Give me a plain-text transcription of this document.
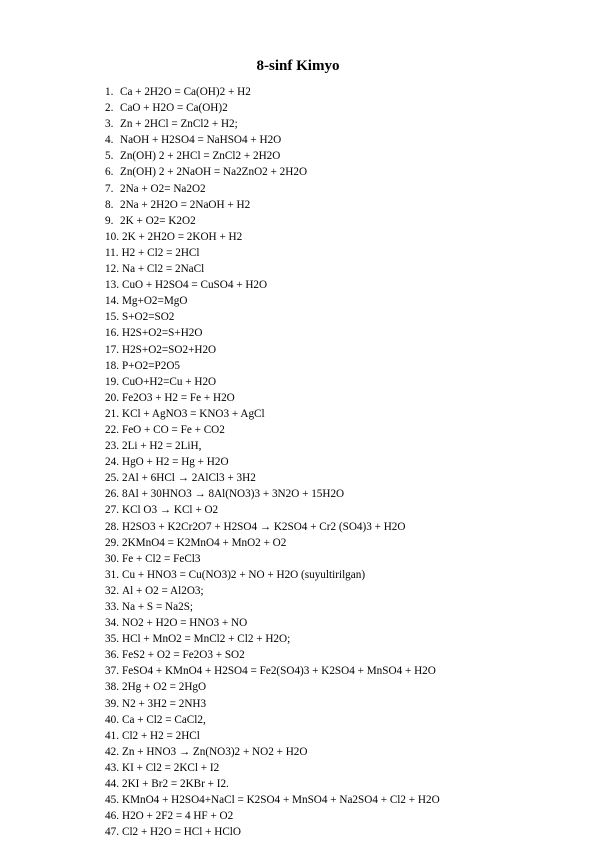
8-sinf Kimyo
1. Ca + 2H2O = Ca(OH)2 + H2
2. CaO + H2O = Ca(OH)2
3. Zn + 2HCl = ZnCl2 + H2;
4. NaOH + H2SO4 = NaHSO4 + H2O
5. Zn(OH) 2 + 2HCl = ZnCl2 + 2H2O
6. Zn(OH) 2 + 2NaOH = Na2ZnO2 + 2H2O
7. 2Na + O2= Na2O2
8. 2Na + 2H2O = 2NaOH + H2
9. 2K + O2= K2O2
10. 2K + 2H2O = 2KOH + H2
11. H2 + Cl2 = 2HCl
12. Na + Cl2 = 2NaCl
13. CuO + H2SO4 = CuSO4 + H2O
14. Mg+O2=MgO
15. S+O2=SO2
16. H2S+O2=S+H2O
17. H2S+O2=SO2+H2O
18. P+O2=P2O5
19. CuO+H2=Cu + H2O
20. Fe2O3 + H2 = Fe + H2O
21. KCl + AgNO3 = KNO3 + AgCl
22. FeO + CO = Fe + CO2
23. 2Li + H2 = 2LiH,
24. HgO + H2 = Hg + H2O
25. 2Al + 6HCl → 2AlCl3 + 3H2
26. 8Al + 30HNO3 → 8Al(NO3)3 + 3N2O + 15H2O
27. KCl O3 → KCl + O2
28. H2SO3 + K2Cr2O7 + H2SO4 → K2SO4 + Cr2 (SO4)3 + H2O
29. 2KMnO4 = K2MnO4 + MnO2 + O2
30. Fe + Cl2 = FeCl3
31. Cu + HNO3 = Cu(NO3)2 + NO + H2O (suyultirilgan)
32. Al + O2 = Al2O3;
33. Na + S = Na2S;
34. NO2 + H2O = HNO3 + NO
35. HCl + MnO2 = MnCl2 + Cl2 + H2O;
36. FeS2 + O2 = Fe2O3 + SO2
37. FeSO4 + KMnO4 + H2SO4 = Fe2(SO4)3 + K2SO4 + MnSO4 + H2O
38. 2Hg + O2 = 2HgO
39. N2 + 3H2 = 2NH3
40. Ca + Cl2 = CaCl2,
41. Cl2 + H2 = 2HCl
42. Zn + HNO3 → Zn(NO3)2 + NO2 + H2O
43. KI + Cl2 = 2KCl + I2
44. 2KI + Br2 = 2KBr + I2.
45. KMnO4 + H2SO4+NaCl = K2SO4 + MnSO4 + Na2SO4 + Cl2 + H2O
46. H2O + 2F2 = 4 HF + O2
47. Cl2 + H2O = HCl + HClO
